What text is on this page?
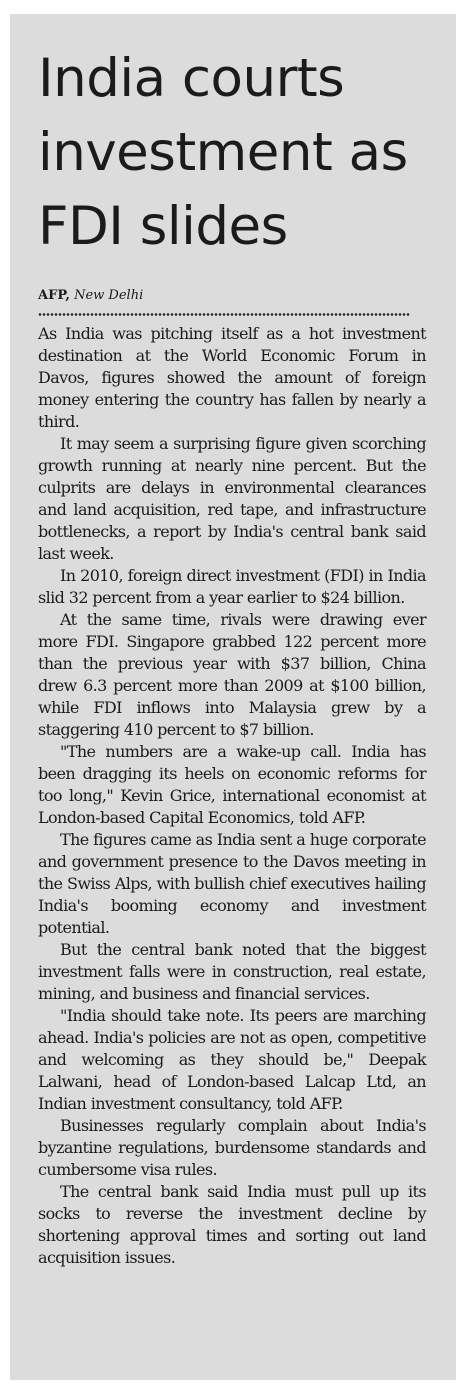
India courts investment as FDI slides
AFP, New Delhi

As India was pitching itself as a hot investment destination at the World Economic Forum in Davos, figures showed the amount of foreign money entering the country has fallen by nearly a third.

It may seem a surprising figure given scorching growth running at nearly nine percent. But the culprits are delays in environmental clearances and land acquisition, red tape, and infrastructure bottlenecks, a report by India's central bank said last week.

In 2010, foreign direct investment (FDI) in India slid 32 percent from a year earlier to $24 billion.

At the same time, rivals were drawing ever more FDI. Singapore grabbed 122 percent more than the previous year with $37 billion, China drew 6.3 percent more than 2009 at $100 billion, while FDI inflows into Malaysia grew by a staggering 410 percent to $7 billion.

"The numbers are a wake-up call. India has been dragging its heels on economic reforms for too long," Kevin Grice, international economist at London-based Capital Economics, told AFP.

The figures came as India sent a huge corporate and government presence to the Davos meeting in the Swiss Alps, with bullish chief executives hailing India's booming economy and investment potential.

But the central bank noted that the biggest investment falls were in construction, real estate, mining, and business and financial services.

"India should take note. Its peers are marching ahead. India's policies are not as open, competitive and welcoming as they should be," Deepak Lalwani, head of London-based Lalcap Ltd, an Indian investment consultancy, told AFP.

Businesses regularly complain about India's byzantine regulations, burdensome standards and cumbersome visa rules.

The central bank said India must pull up its socks to reverse the investment decline by shortening approval times and sorting out land acquisition issues.
